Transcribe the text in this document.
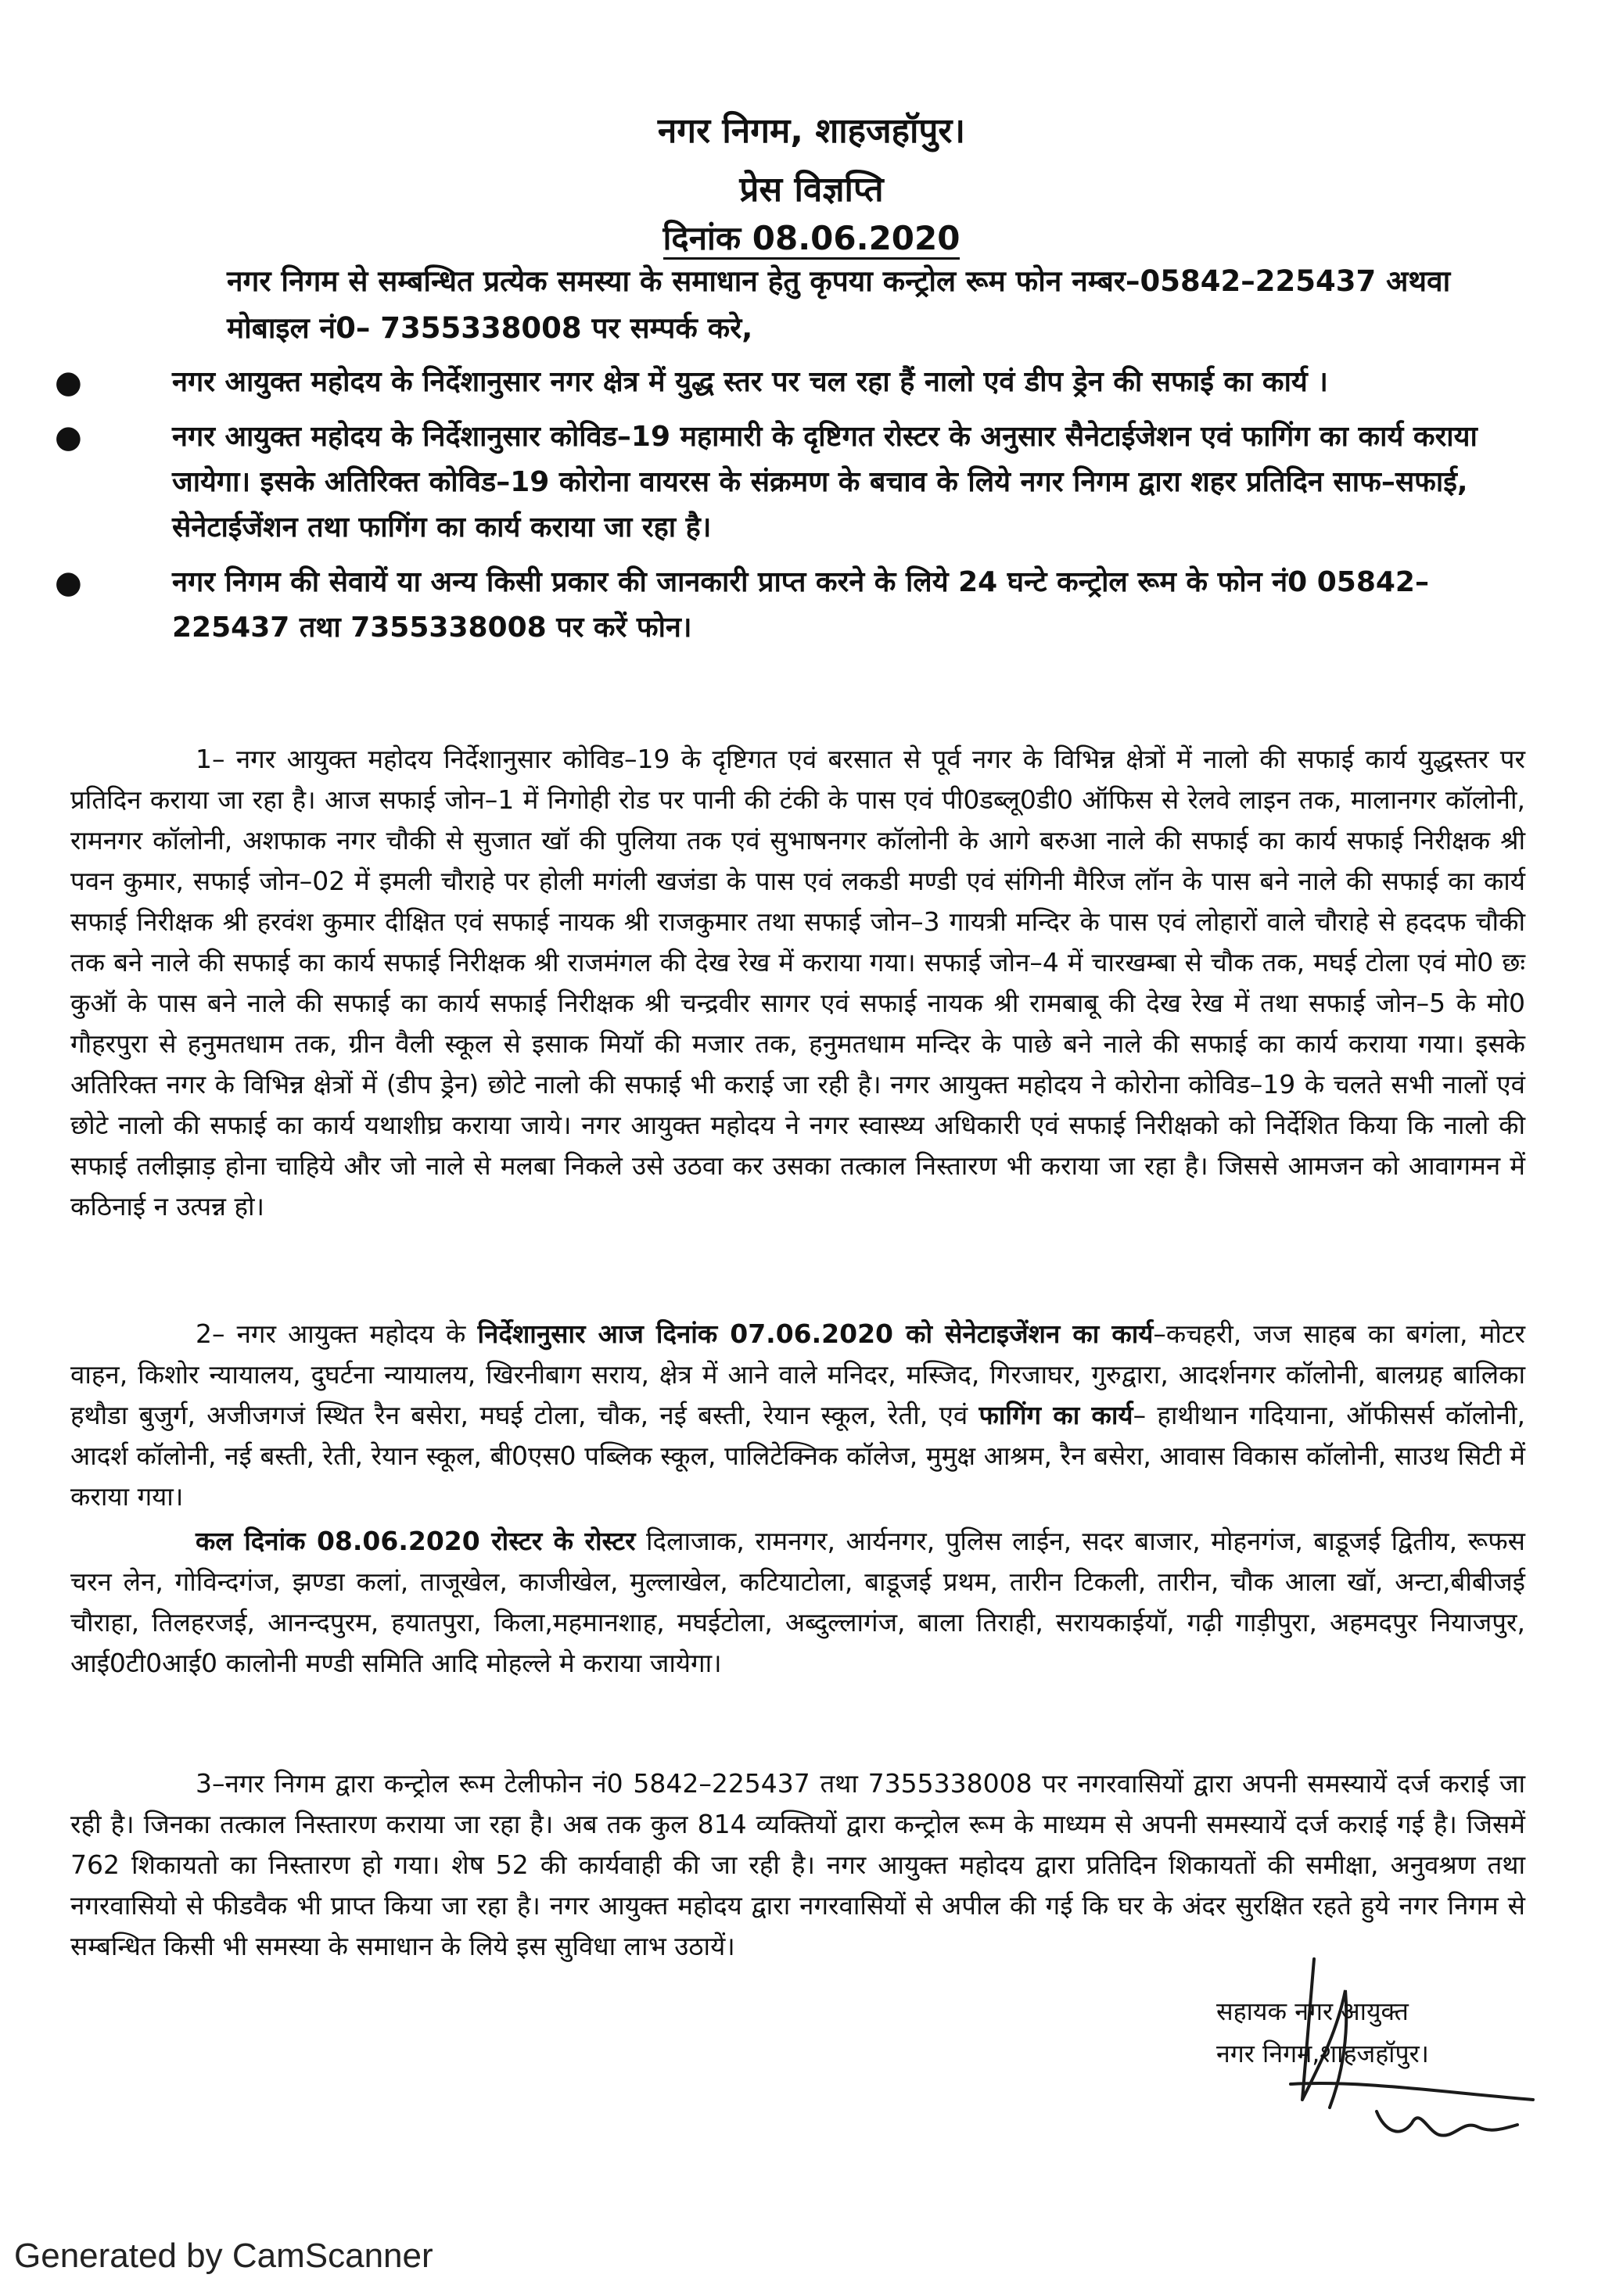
नगर निगम, शाहजहॉपुर।
प्रेस विज्ञप्ति
दिनांक 08.06.2020
नगर निगम से सम्बन्धित प्रत्येक समस्या के समाधान हेतु कृपया कन्ट्रोल रूम फोन नम्बर–05842–225437 अथवा मोबाइल नं0– 7355338008 पर सम्पर्क करे,
●	नगर आयुक्त महोदय के निर्देशानुसार नगर क्षेत्र में युद्ध स्तर पर चल रहा हैं नालो एवं डीप ड्रेन की सफाई का कार्य ।
●	नगर आयुक्त महोदय के निर्देशानुसार कोविड–19 महामारी के दृष्टिगत रोस्टर के अनुसार सैनेटाईजेशन एवं फागिंग का कार्य कराया जायेगा। इसके अतिरिक्त कोविड–19 कोरोना वायरस के संक्रमण के बचाव के लिये नगर निगम द्वारा शहर प्रतिदिन साफ–सफाई, सेनेटाईजेंशन तथा फागिंग का कार्य कराया जा रहा है।
●	नगर निगम की सेवायें या अन्य किसी प्रकार की जानकारी प्राप्त करने के लिये 24 घन्टे कन्ट्रोल रूम के फोन नं0 05842–225437 तथा 7355338008 पर करें फोन।
1– नगर आयुक्त महोदय निर्देशानुसार कोविड–19 के दृष्टिगत एवं बरसात से पूर्व नगर के विभिन्न क्षेत्रों में नालो की सफाई कार्य युद्धस्तर पर प्रतिदिन कराया जा रहा है। आज सफाई जोन–1 में निगोही रोड पर पानी की टंकी के पास एवं पी0डब्लू0डी0 ऑफिस से रेलवे लाइन तक, मालानगर कॉलोनी, रामनगर कॉलोनी, अशफाक नगर चौकी से सुजात खॉ की पुलिया तक एवं सुभाषनगर कॉलोनी के आगे बरुआ नाले की सफाई का कार्य सफाई निरीक्षक श्री पवन कुमार, सफाई जोन–02 में इमली चौराहे पर होली मगंली खजंडा के पास एवं लकडी मण्डी एवं संगिनी मैरिज लॉन के पास बने नाले की सफाई का कार्य सफाई निरीक्षक श्री हरवंश कुमार दीक्षित एवं सफाई नायक श्री राजकुमार तथा सफाई जोन–3 गायत्री मन्दिर के पास एवं लोहारों वाले चौराहे से हददफ चौकी तक बने नाले की सफाई का कार्य सफाई निरीक्षक श्री राजमंगल की देख रेख में कराया गया। सफाई जोन–4 में चारखम्बा से चौक तक, मघई टोला एवं मो0 छः कुऑ के पास बने नाले की सफाई का कार्य सफाई निरीक्षक श्री चन्द्रवीर सागर एवं सफाई नायक श्री रामबाबू की देख रेख में तथा सफाई जोन–5 के मो0 गौहरपुरा से हनुमतधाम तक, ग्रीन वैली स्कूल से इसाक मियॉ की मजार तक, हनुमतधाम मन्दिर के पाछे बने नाले की सफाई का कार्य कराया गया। इसके अतिरिक्त नगर के विभिन्न क्षेत्रों में (डीप ड्रेन) छोटे नालो की सफाई भी कराई जा रही है। नगर आयुक्त महोदय ने कोरोना कोविड–19 के चलते सभी नालों एवं छोटे नालो की सफाई का कार्य यथाशीघ्र कराया जाये। नगर आयुक्त महोदय ने नगर स्वास्थ्य अधिकारी एवं सफाई निरीक्षको को निर्देशित किया कि नालो की सफाई तलीझाड़ होना चाहिये और जो नाले से मलबा निकले उसे उठवा कर उसका तत्काल निस्तारण भी कराया जा रहा है। जिससे आमजन को आवागमन में कठिनाई न उत्पन्न हो।
2– नगर आयुक्त महोदय के निर्देशानुसार आज दिनांक 07.06.2020 को सेनेटाइजेंशन का कार्य–कचहरी, जज साहब का बगंला, मोटर वाहन, किशोर न्यायालय, दुघर्टना न्यायालय, खिरनीबाग सराय, क्षेत्र में आने वाले मनिदर, मस्जिद, गिरजाघर, गुरुद्वारा, आदर्शनगर कॉलोनी, बालग्रह बालिका हथौडा बुजुर्ग, अजीजगजं स्थित रैन बसेरा, मघई टोला, चौक, नई बस्ती, रेयान स्कूल, रेती, एवं फागिंग का कार्य– हाथीथान गदियाना, ऑफीसर्स कॉलोनी, आदर्श कॉलोनी, नई बस्ती, रेती, रेयान स्कूल, बी0एस0 पब्लिक स्कूल, पालिटेक्निक कॉलेज, मुमुक्ष आश्रम, रैन बसेरा, आवास विकास कॉलोनी, साउथ सिटी में कराया गया।
कल दिनांक 08.06.2020 रोस्टर के रोस्टर दिलाजाक, रामनगर, आर्यनगर, पुलिस लाईन, सदर बाजार, मोहनगंज, बाडूजई द्वितीय, रूफस चरन लेन, गोविन्दगंज, झण्डा कलां, ताजूखेल, काजीखेल, मुल्लाखेल, कटियाटोला, बाडूजई प्रथम, तारीन टिकली, तारीन, चौक आला खॉ, अन्टा,बीबीजई चौराहा, तिलहरजई, आनन्दपुरम, हयातपुरा, किला,महमानशाह, मघईटोला, अब्दुल्लागंज, बाला तिराही, सरायकाईयॉ, गढ़ी गाड़ीपुरा, अहमदपुर नियाजपुर, आई0टी0आई0 कालोनी मण्डी समिति आदि मोहल्ले मे कराया जायेगा।
3–नगर निगम द्वारा कन्ट्रोल रूम टेलीफोन नं0 5842–225437 तथा 7355338008 पर नगरवासियों द्वारा अपनी समस्यायें दर्ज कराई जा रही है। जिनका तत्काल निस्तारण कराया जा रहा है। अब तक कुल 814 व्यक्तियों द्वारा कन्ट्रोल रूम के माध्यम से अपनी समस्यायें दर्ज कराई गई है। जिसमें 762 शिकायतो का निस्तारण हो गया। शेष 52 की कार्यवाही की जा रही है। नगर आयुक्त महोदय द्वारा प्रतिदिन शिकायतों की समीक्षा, अनुवश्रण तथा नगरवासियो से फीडवैक भी प्राप्त किया जा रहा है। नगर आयुक्त महोदय द्वारा नगरवासियों से अपील की गई कि घर के अंदर सुरक्षित रहते हुये नगर निगम से सम्बन्धित किसी भी समस्या के समाधान के लिये इस सुविधा लाभ उठायें।
सहायक नगर आयुक्त
नगर निगम,शाहजहॉपुर।
Generated by CamScanner
